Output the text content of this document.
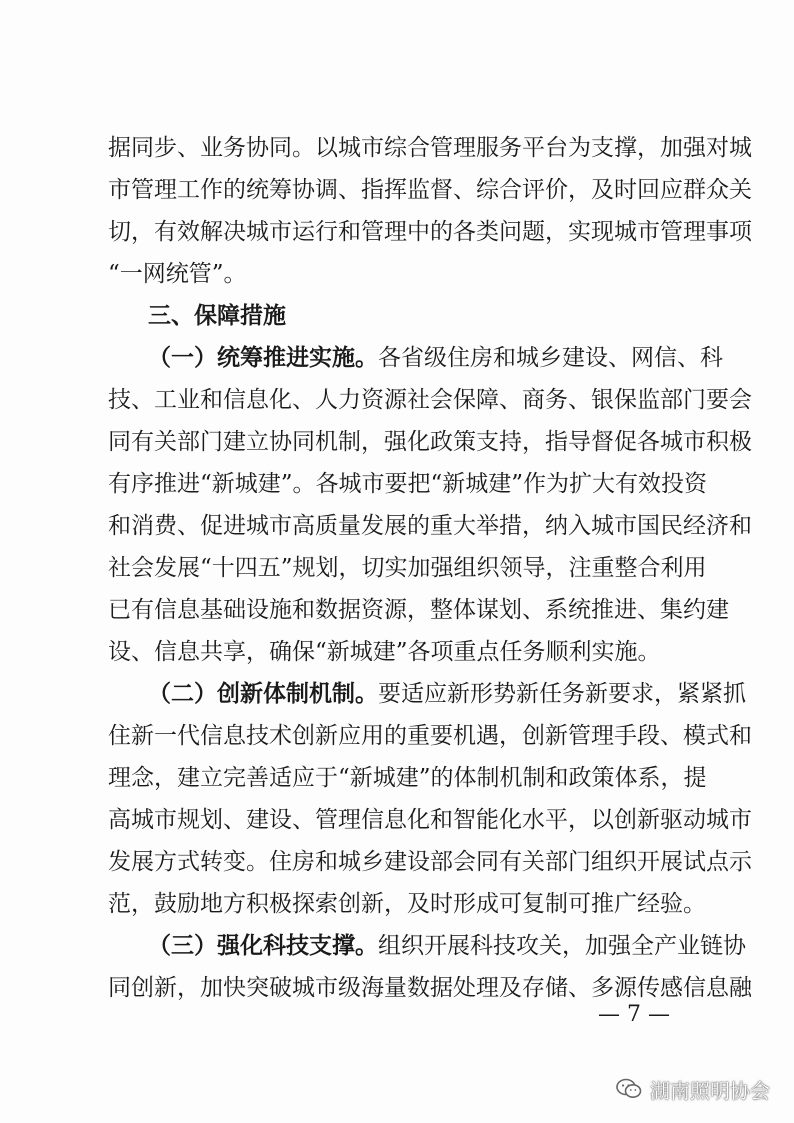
据同步、业务协同。以城市综合管理服务平台为支撑，加强对城
市管理工作的统筹协调、指挥监督、综合评价，及时回应群众关
切，有效解决城市运行和管理中的各类问题，实现城市管理事项
“一网统管”。
三、保障措施
（一）统筹推进实施。各省级住房和城乡建设、网信、科
技、工业和信息化、人力资源社会保障、商务、银保监部门要会
同有关部门建立协同机制，强化政策支持，指导督促各城市积极
有序推进“新城建”。各城市要把“新城建”作为扩大有效投资
和消费、促进城市高质量发展的重大举措，纳入城市国民经济和
社会发展“十四五”规划，切实加强组织领导，注重整合利用
已有信息基础设施和数据资源，整体谋划、系统推进、集约建
设、信息共享，确保“新城建”各项重点任务顺利实施。
（二）创新体制机制。要适应新形势新任务新要求，紧紧抓
住新一代信息技术创新应用的重要机遇，创新管理手段、模式和
理念，建立完善适应于“新城建”的体制机制和政策体系，提
高城市规划、建设、管理信息化和智能化水平，以创新驱动城市
发展方式转变。住房和城乡建设部会同有关部门组织开展试点示
范，鼓励地方积极探索创新，及时形成可复制可推广经验。
（三）强化科技支撑。组织开展科技攻关，加强全产业链协
同创新，加快突破城市级海量数据处理及存储、多源传感信息融
— 7 —
湖南照明协会
